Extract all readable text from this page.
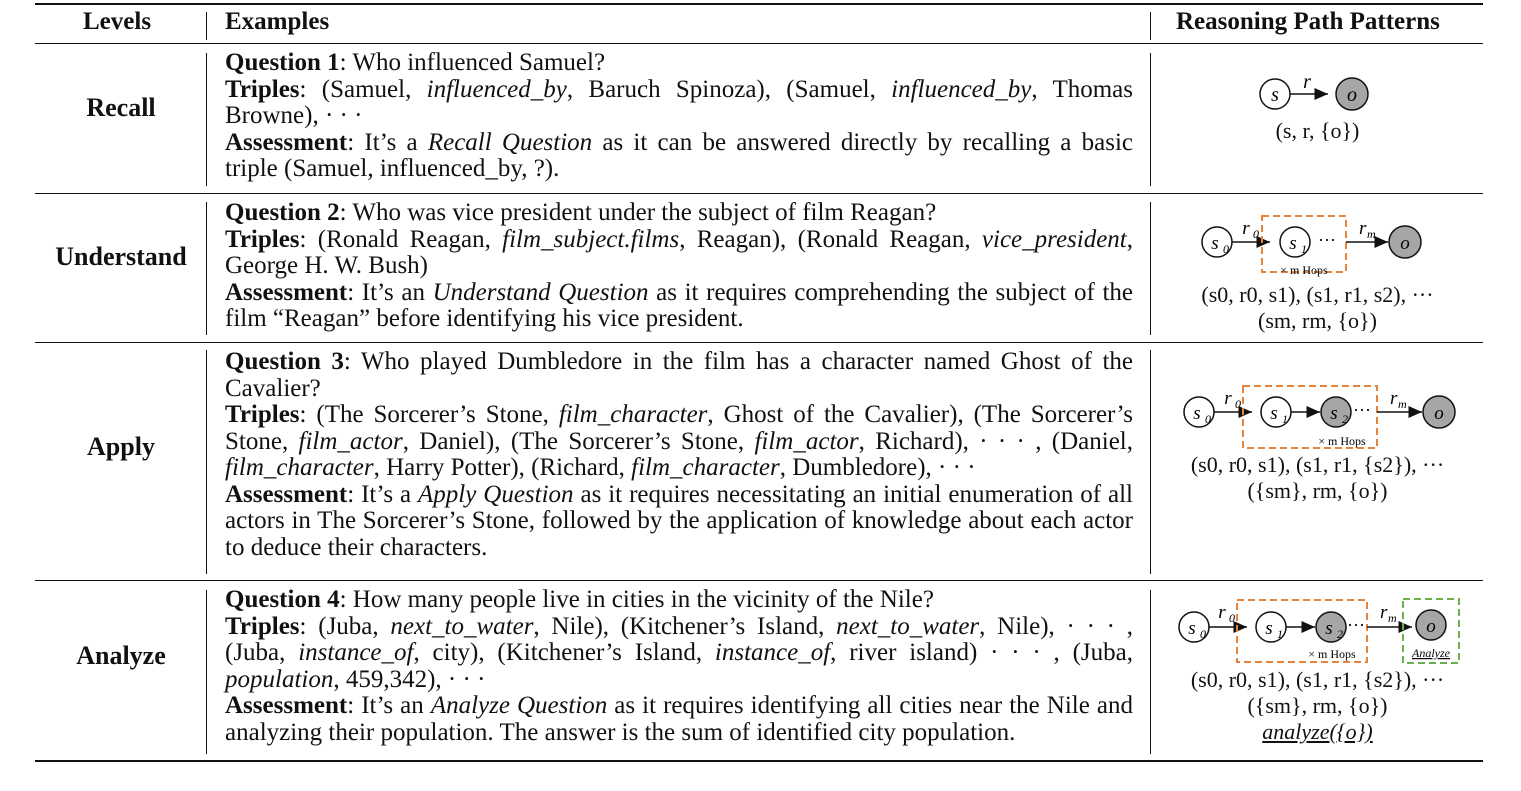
Levels	Examples	Reasoning Path Patterns
Recall

Question 1: Who influenced Samuel?

Triples: (Samuel, influenced_by, Baruch Spinoza), (Samuel, influenced_by, Thomas Browne), · · ·

Assessment: It’s a Recall Question as it can be answered directly by recalling a basic triple (Samuel, influenced_by, ?).

s
r
o
(s, r, {o})
Understand

Question 2: Who was vice president under the subject of film Reagan?

Triples: (Ronald Reagan, film_subject.films, Reagan), (Ronald Reagan, vice_president, George H. W. Bush)

Assessment: It’s an Understand Question as it requires comprehending the subject of the film “Reagan” before identifying his vice president.

s 0
r 0 s 1 ···
r m o
× m Hops
(s0, r0, s1), (s1, r1, s2), ···
(sm, rm, {o})
Apply

Question 3: Who played Dumbledore in the film has a character named Ghost of the Cavalier?

Triples: (The Sorcerer’s Stone, film_character, Ghost of the Cavalier), (The Sorcerer’s Stone, film_actor, Daniel), (The Sorcerer’s Stone, film_actor, Richard), · · · , (Daniel, film_character, Harry Potter), (Richard, film_character, Dumbledore), · · ·

Assessment: It’s a Apply Question as it requires necessitating an initial enumeration of all actors in The Sorcerer’s Stone, followed by the application of knowledge about each actor to deduce their characters.

s 0
r 0 s 1 s 2 ···
r m o
× m Hops
(s0, r0, s1), (s1, r1, {s2}), ···
({sm}, rm, {o})
Analyze

Question 4: How many people live in cities in the vicinity of the Nile?

Triples: (Juba, next_to_water, Nile), (Kitchener’s Island, next_to_water, Nile), · · · , (Juba, instance_of, city), (Kitchener’s Island, instance_of, river island) · · · , (Juba, population, 459,342), · · ·

Assessment: It’s an Analyze Question as it requires identifying all cities near the Nile and analyzing their population. The answer is the sum of identified city population.

s 0
r 0 s 1 s 2 ···
r m o
Analyze
× m Hops
(s0, r0, s1), (s1, r1, {s2}), ···
({sm}, rm, {o})
analyze({o})
